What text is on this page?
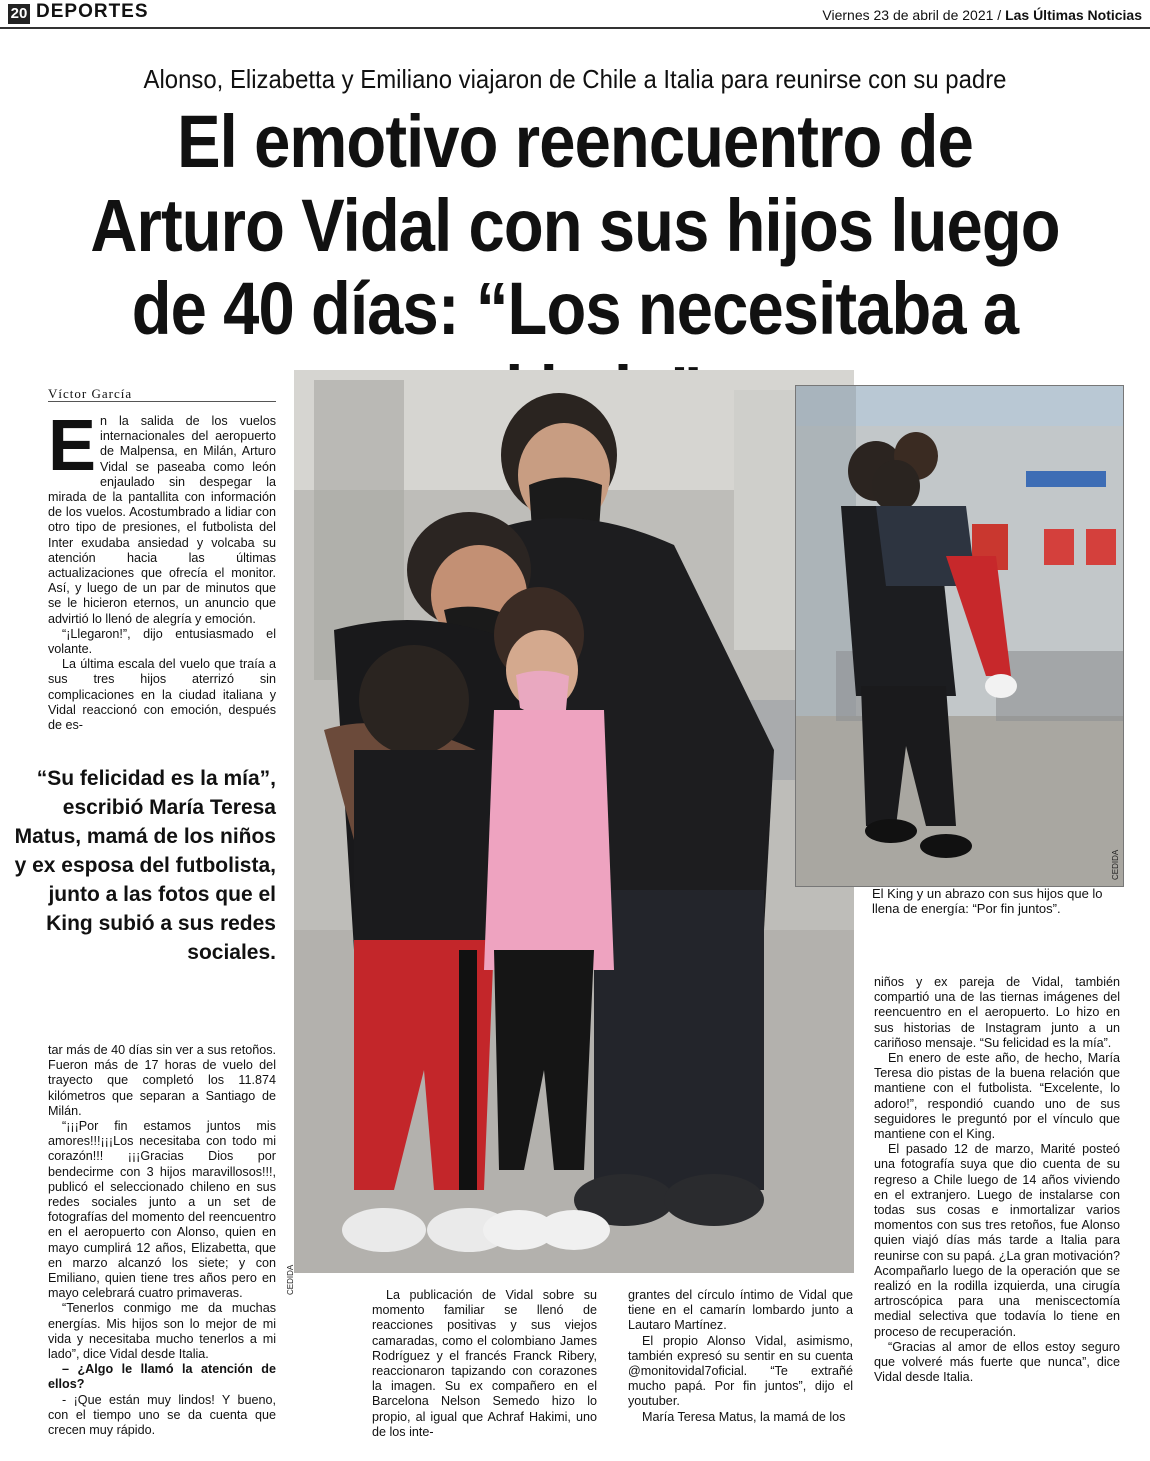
20 DEPORTES	Viernes 23 de abril de 2021 / Las Últimas Noticias
Alonso, Elizabetta y Emiliano viajaron de Chile a Italia para reunirse con su padre
El emotivo reencuentro de Arturo Vidal con sus hijos luego de 40 días: “Los necesitaba a
Víctor García
E n la salida de los vuelos internacionales del aeropuerto de Malpensa, en Milán, Arturo Vidal se paseaba como león enjaulado sin despegar la mirada de la pantallita con información de los vuelos. Acostumbrado a lidiar con otro tipo de presiones, el futbolista del Inter exudaba ansiedad y volcaba su atención hacia las últimas actualizaciones que ofrecía el monitor. Así, y luego de un par de minutos que se le hicieron eternos, un anuncio que advirtió lo llenó de alegría y emoción.

“¡Llegaron!”, dijo entusiasmado el volante.

La última escala del vuelo que traía a sus tres hijos aterrizó sin complicaciones en la ciudad italiana y Vidal reaccionó con emoción, después de es-

“Su felicidad es la mía”, escribió María Teresa Matus, mamá de los niños y ex esposa del futbolista, junto a las fotos que el King subió a sus redes sociales.

tar más de 40 días sin ver a sus retoños. Fueron más de 17 horas de vuelo del trayecto que completó los 11.874 kilómetros que separan a Santiago de Milán.

“¡¡¡Por fin estamos juntos mis amores!!!¡¡¡Los necesitaba con todo mi corazón!!! ¡¡¡Gracias Dios por bendecirme con 3 hijos maravillosos!!!, publicó el seleccionado chileno en sus redes sociales junto a un set de fotografías del momento del reencuentro en el aeropuerto con Alonso, quien en mayo cumplirá 12 años, Elizabetta, que en marzo alcanzó los siete; y con Emiliano, quien tiene tres años pero en mayo celebrará cuatro primaveras.

“Tenerlos conmigo me da muchas energías. Mis hijos son lo mejor de mi vida y necesitaba mucho tenerlos a mi lado”, dice Vidal desde Italia.

– ¿Algo le llamó la atención de ellos?

- ¡Que están muy lindos! Y bueno, con el tiempo uno se da cuenta que crecen muy rápido.

CEDIDA
CEDIDA
El King y un abrazo con sus hijos que lo llena de energía: “Por fin juntos”.

La publicación de Vidal sobre su momento familiar se llenó de reacciones positivas y sus viejos camaradas, como el colombiano James Rodríguez y el francés Franck Ribery, reaccionaron tapizando con corazones la imagen. Su ex compañero en el Barcelona Nelson Semedo hizo lo propio, al igual que Achraf Hakimi, uno de los inte-

grantes del círculo íntimo de Vidal que tiene en el camarín lombardo junto a Lautaro Martínez.

El propio Alonso Vidal, asimismo, también expresó su sentir en su cuenta @monitovidal7oficial. “Te extrañé mucho papá. Por fin juntos”, dijo el youtuber.

María Teresa Matus, la mamá de los

niños y ex pareja de Vidal, también compartió una de las tiernas imágenes del reencuentro en el aeropuerto. Lo hizo en sus historias de Instagram junto a un cariñoso mensaje. “Su felicidad es la mía”.

En enero de este año, de hecho, María Teresa dio pistas de la buena relación que mantiene con el futbolista. “Excelente, lo adoro!”, respondió cuando uno de sus seguidores le preguntó por el vínculo que mantiene con el King.

El pasado 12 de marzo, Marité posteó una fotografía suya que dio cuenta de su regreso a Chile luego de 14 años viviendo en el extranjero. Luego de instalarse con todas sus cosas e inmortalizar varios momentos con sus tres retoños, fue Alonso quien viajó días más tarde a Italia para reunirse con su papá. ¿La gran motivación? Acompañarlo luego de la operación que se realizó en la rodilla izquierda, una cirugía artroscópica para una meniscectomía medial selectiva que todavía lo tiene en proceso de recuperación.

“Gracias al amor de ellos estoy seguro que volveré más fuerte que nunca”, dice Vidal desde Italia.
